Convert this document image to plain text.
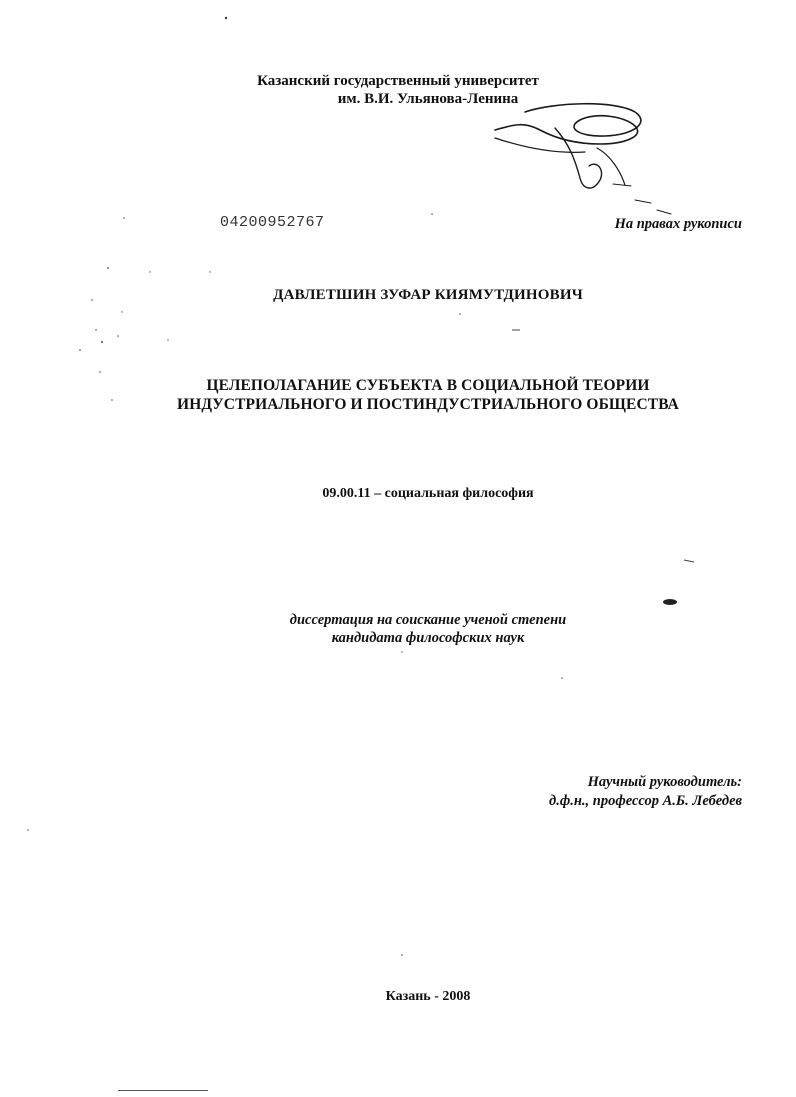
Казанский государственный университет
им. В.И. Ульянова-Ленина
04200952767	На правах рукописи
ДАВЛЕТШИН ЗУФАР КИЯМУТДИНОВИЧ
ЦЕЛЕПОЛАГАНИЕ СУБЪЕКТА В СОЦИАЛЬНОЙ ТЕОРИИ
ИНДУСТРИАЛЬНОГО И ПОСТИНДУСТРИАЛЬНОГО ОБЩЕСТВА
09.00.11 – социальная философия
диссертация на соискание ученой степени
кандидата философских наук
Научный руководитель:
д.ф.н., профессор А.Б. Лебедев
Казань - 2008
